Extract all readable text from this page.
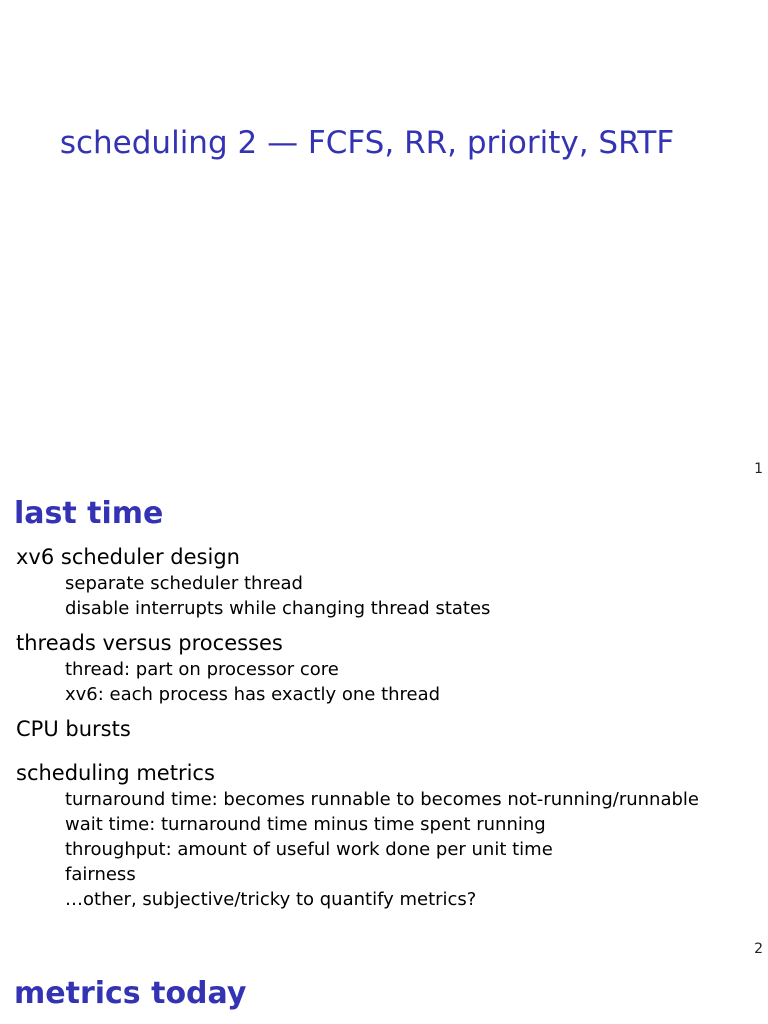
scheduling 2 — FCFS, RR, priority, SRTF
1
last time
xv6 scheduler design
separate scheduler thread
disable interrupts while changing thread states
threads versus processes
thread: part on processor core
xv6: each process has exactly one thread
CPU bursts
scheduling metrics
turnaround time: becomes runnable to becomes not-running/runnable
wait time: turnaround time minus time spent running
throughput: amount of useful work done per unit time
fairness
…other, subjective/tricky to quantify metrics?
2
metrics today
